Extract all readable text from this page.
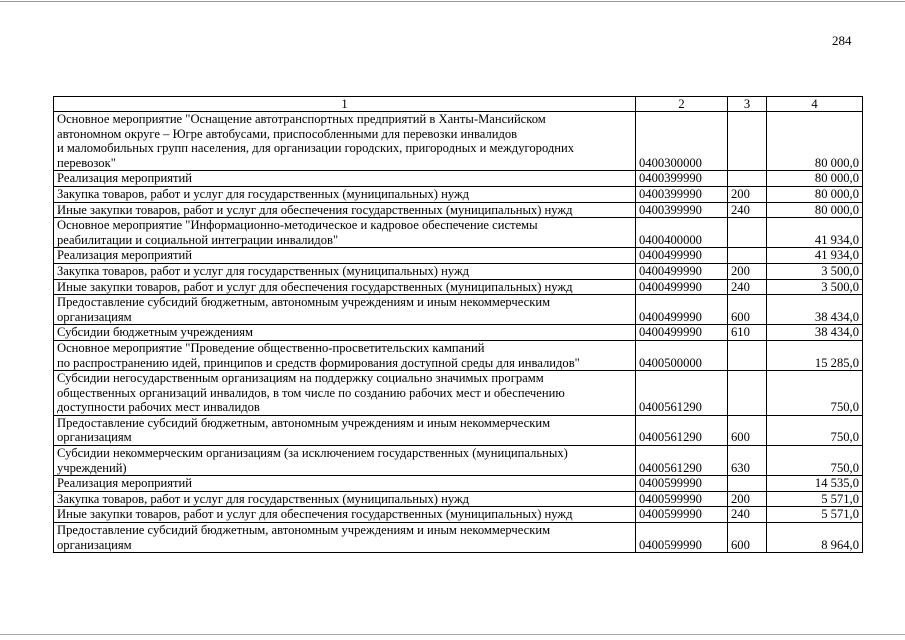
284
1	2	3	4

Основное мероприятие "Оснащение автотранспортных предприятий в Ханты-Мансийском
автономном округе – Югре автобусами, приспособленными для перевозки инвалидов
и маломобильных групп населения, для организации городских, пригородных и междугородних
перевозок"	0400300000		80 000,0

Реализация мероприятий	0400399990		80 000,0

Закупка товаров, работ и услуг для государственных (муниципальных) нужд	0400399990	200	80 000,0

Иные закупки товаров, работ и услуг для обеспечения государственных (муниципальных) нужд	0400399990	240	80 000,0

Основное мероприятие "Информационно-методическое и кадровое обеспечение системы
реабилитации и социальной интеграции инвалидов"	0400400000		41 934,0

Реализация мероприятий	0400499990		41 934,0

Закупка товаров, работ и услуг для государственных (муниципальных) нужд	0400499990	200	3 500,0

Иные закупки товаров, работ и услуг для обеспечения государственных (муниципальных) нужд	0400499990	240	3 500,0

Предоставление субсидий бюджетным, автономным учреждениям и иным некоммерческим
организациям	0400499990	600	38 434,0

Субсидии бюджетным учреждениям	0400499990	610	38 434,0

Основное мероприятие "Проведение общественно-просветительских кампаний
по распространению идей, принципов и средств формирования доступной среды для инвалидов"	0400500000		15 285,0

Субсидии негосударственным организациям на поддержку социально значимых программ
общественных организаций инвалидов, в том числе по созданию рабочих мест и обеспечению
доступности рабочих мест инвалидов	0400561290		750,0

Предоставление субсидий бюджетным, автономным учреждениям и иным некоммерческим
организациям	0400561290	600	750,0

Субсидии некоммерческим организациям (за исключением государственных (муниципальных)
учреждений)	0400561290	630	750,0

Реализация мероприятий	0400599990		14 535,0

Закупка товаров, работ и услуг для государственных (муниципальных) нужд	0400599990	200	5 571,0

Иные закупки товаров, работ и услуг для обеспечения государственных (муниципальных) нужд	0400599990	240	5 571,0

Предоставление субсидий бюджетным, автономным учреждениям и иным некоммерческим
организациям	0400599990	600	8 964,0
